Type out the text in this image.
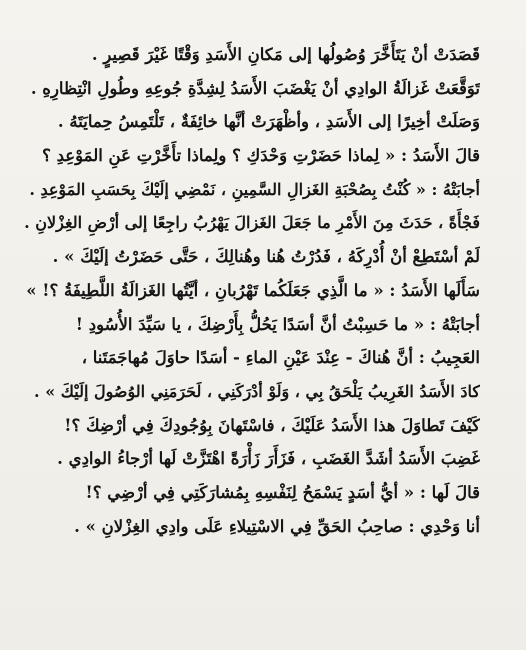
قَصَدَتْ أنْ يَتَأَخَّرَ وُصُولُها إلى مَكانِ الأَسَدِ وَقْتًا غَيْرَ قَصِيرٍ .
تَوَقَّعَتْ غَزالَةُ الوادِي أنْ يَغْضَبَ الأَسَدُ لِشِدَّةِ جُوعِهِ وطُولِ انْتِظارِهِ .
وَصَلَتْ أخِيرًا إلى الأَسَدِ ، وأظْهَرَتْ أنَّها خائِفَةٌ ، تَلْتَمِسُ حِمايَتَهُ .
قالَ الأَسَدُ : « لِماذا حَضَرْتِ وَحْدَكِ ؟ ولِماذا تأَخَّرْتِ عَنِ المَوْعِدِ ؟
أجابَتْهُ : « كُنْتُ بِصُحْبَةِ الغَزالِ السَّمِينِ ، نَمْضِي إلَيْكَ بِحَسَبِ المَوْعِدِ .
فَجْأَةً ، حَدَثَ مِنَ الأَمْرِ ما جَعَلَ الغَزالَ يَهْرُبُ راجِعًا إلى أرْضِ الغِزْلانِ .
لَمْ أسْتَطِعْ أنْ أُدْرِكَهُ ، فَدُرْتُ هُنا وهُنالِكَ ، حَتَّى حَضَرْتُ إلَيْكَ » .
سَأَلَها الأَسَدُ : « ما الَّذِي جَعَلَكُما تَهْرُبانِ ، أيَّتُها الغَزالَةُ اللَّطِيفَةُ ؟! »
أجابَتْهُ : « ما حَسِبْتُ أنَّ أسَدًا يَحُلُّ بِأَرْضِكَ ، يا سَيِّدَ الأُسُودِ !
العَجِيبُ : أنَّ هُناكَ - عِنْدَ عَيْنِ الماءِ - أسَدًا حاوَلَ مُهاجَمَتَنا ،
كادَ الأَسَدُ الغَرِيبُ يَلْحَقُ بِي ، وَلَوْ أدْرَكَنِي ، لَحَرَمَنِي الوُصُولَ إلَيْكَ » .
كَيْفَ تَطاوَلَ هذا الأَسَدُ عَلَيْكَ ، فاسْتَهانَ بِوُجُودِكَ فِي أرْضِكَ ؟!
غَضِبَ الأَسَدُ أشَدَّ الغَضَبِ ، فَزَأَرَ زَأْرَةً اهْتَزَّتْ لَها أرْجاءُ الوادِي .
قالَ لَها : « أيُّ أسَدٍ يَسْمَحُ لِنَفْسِهِ بِمُشارَكَتِي فِي أرْضِي ؟!
أنا وَحْدِي : صاحِبُ الحَقِّ فِي الاسْتِيلاءِ عَلَى وادِي الغِزْلانِ » .
